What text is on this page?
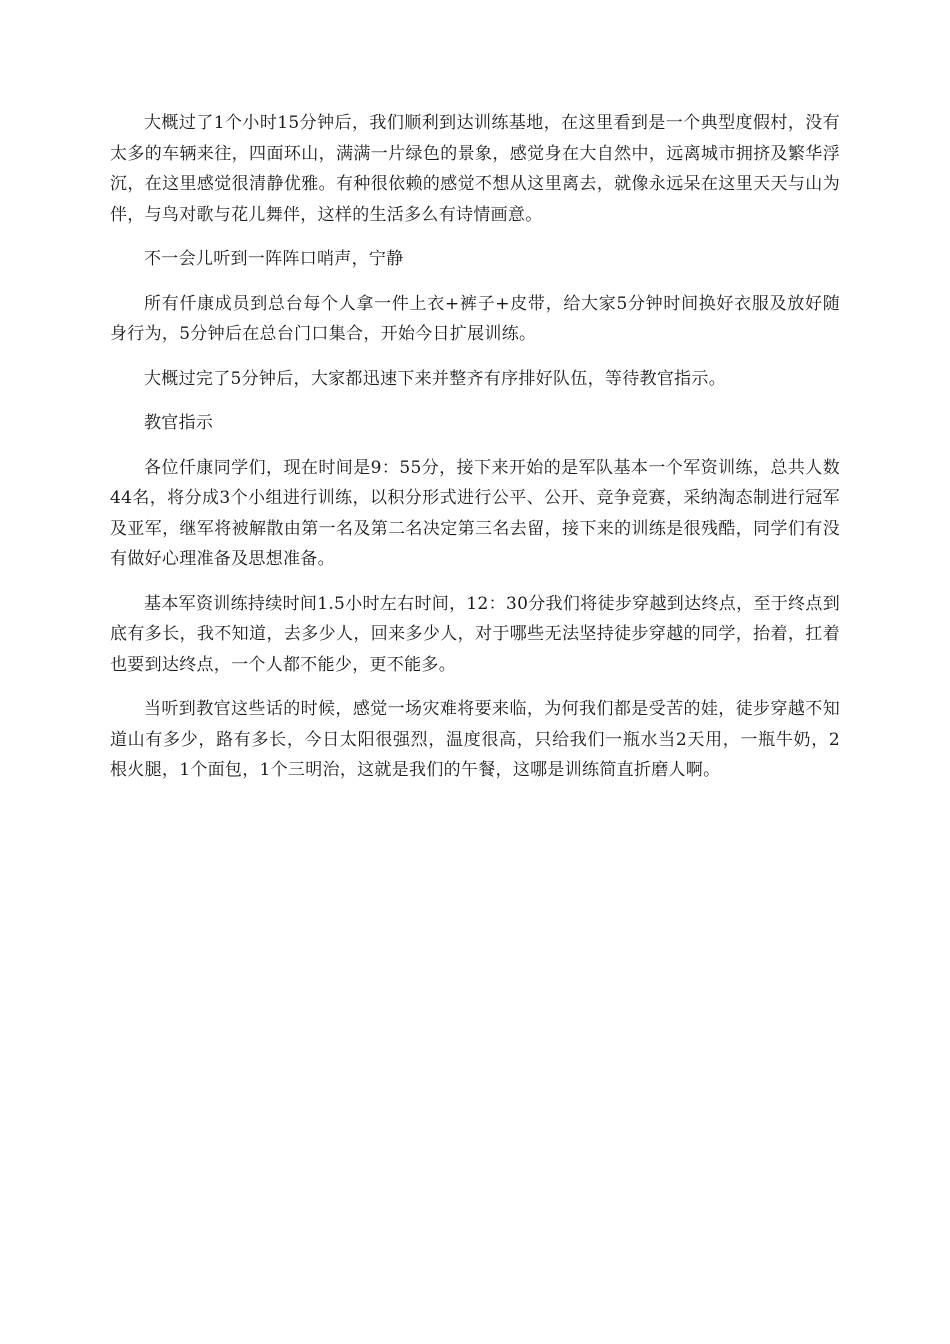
大概过了1个小时15分钟后，我们顺利到达训练基地，在这里看到是一个典型度假村，没有太多的车辆来往，四面环山，满满一片绿色的景象，感觉身在大自然中，远离城市拥挤及繁华浮沉，在这里感觉很清静优雅。有种很依赖的感觉不想从这里离去，就像永远呆在这里天天与山为伴，与鸟对歌与花儿舞伴，这样的生活多么有诗情画意。

不一会儿听到一阵阵口哨声，宁静

所有仟康成员到总台每个人拿一件上衣+裤子+皮带，给大家5分钟时间换好衣服及放好随身行为，5分钟后在总台门口集合，开始今日扩展训练。

大概过完了5分钟后，大家都迅速下来并整齐有序排好队伍，等待教官指示。

教官指示

各位仟康同学们，现在时间是9：55分，接下来开始的是军队基本一个军资训练，总共人数44名，将分成3个小组进行训练，以积分形式进行公平、公开、竞争竞赛，采纳淘态制进行冠军及亚军，继军将被解散由第一名及第二名决定第三名去留，接下来的训练是很残酷，同学们有没有做好心理准备及思想准备。

基本军资训练持续时间1.5小时左右时间，12：30分我们将徒步穿越到达终点，至于终点到底有多长，我不知道，去多少人，回来多少人，对于哪些无法坚持徒步穿越的同学，抬着，扛着也要到达终点，一个人都不能少，更不能多。

当听到教官这些话的时候，感觉一场灾难将要来临，为何我们都是受苦的娃，徒步穿越不知道山有多少，路有多长，今日太阳很强烈，温度很高，只给我们一瓶水当2天用，一瓶牛奶，2根火腿，1个面包，1个三明治，这就是我们的午餐，这哪是训练简直折磨人啊。
